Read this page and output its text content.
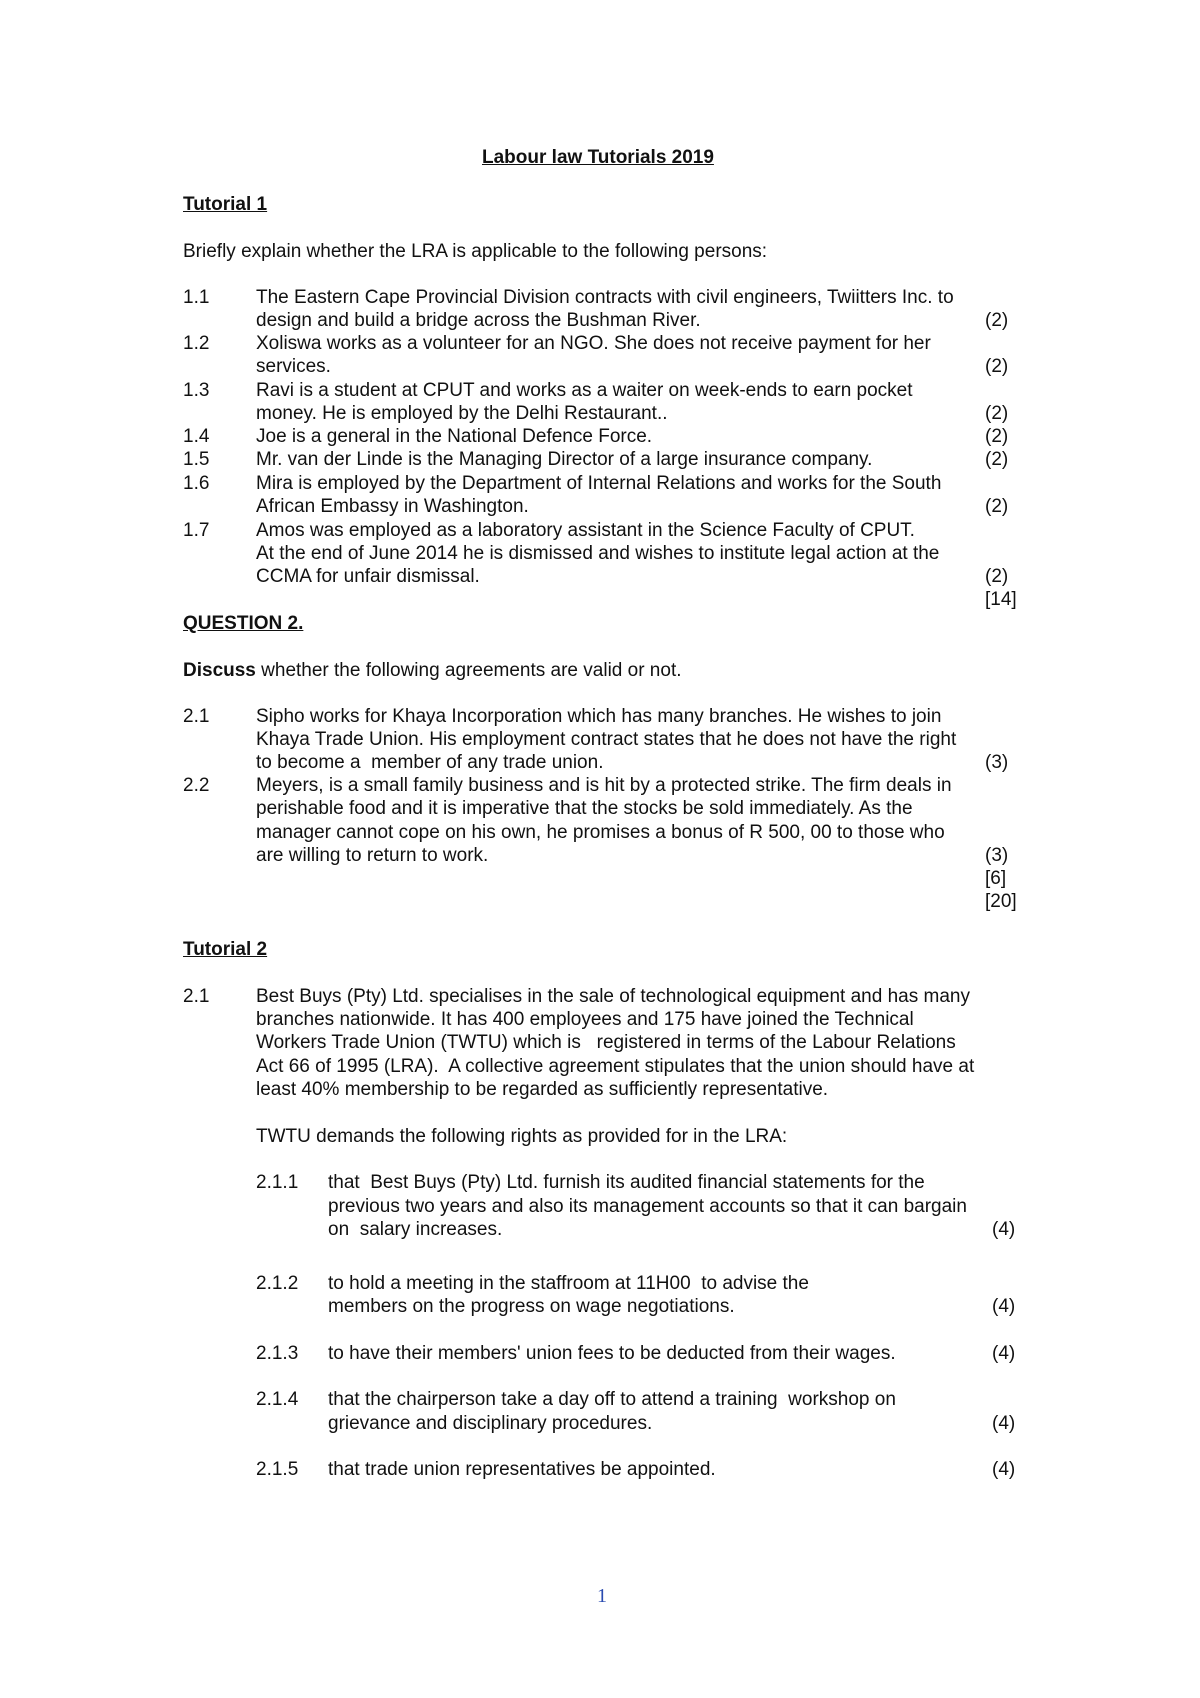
Labour law Tutorials 2019
Tutorial 1
Briefly explain whether the LRA is applicable to the following persons:
1.1 The Eastern Cape Provincial Division contracts with civil engineers, Twiitters Inc. to
design and build a bridge across the Bushman River.	(2)
1.2 Xoliswa works as a volunteer for an NGO. She does not receive payment for her
services.	(2)
1.3 Ravi is a student at CPUT and works as a waiter on week-ends to earn pocket
money. He is employed by the Delhi Restaurant..	(2)
1.4 Joe is a general in the National Defence Force.	(2)
1.5 Mr. van der Linde is the Managing Director of a large insurance company.	(2)
1.6 Mira is employed by the Department of Internal Relations and works for the South
African Embassy in Washington.	(2)
1.7 Amos was employed as a laboratory assistant in the Science Faculty of CPUT.
At the end of June 2014 he is dismissed and wishes to institute legal action at the
CCMA for unfair dismissal.	(2)
[14]
QUESTION 2.
Discuss whether the following agreements are valid or not.
2.1 Sipho works for Khaya Incorporation which has many branches. He wishes to join
Khaya Trade Union. His employment contract states that he does not have the right
to become a  member of any trade union.	(3)
2.2 Meyers, is a small family business and is hit by a protected strike. The firm deals in
perishable food and it is imperative that the stocks be sold immediately. As the
manager cannot cope on his own, he promises a bonus of R 500, 00 to those who
are willing to return to work.	(3)
[6]
[20]
Tutorial 2
2.1 Best Buys (Pty) Ltd. specialises in the sale of technological equipment and has many
branches nationwide. It has 400 employees and 175 have joined the Technical
Workers Trade Union (TWTU) which is   registered in terms of the Labour Relations
Act 66 of 1995 (LRA).  A collective agreement stipulates that the union should have at
least 40% membership to be regarded as sufficiently representative.
TWTU demands the following rights as provided for in the LRA:
2.1.1 that  Best Buys (Pty) Ltd. furnish its audited financial statements for the
previous two years and also its management accounts so that it can bargain
on  salary increases.	(4)
2.1.2 to hold a meeting in the staffroom at 11H00  to advise the
members on the progress on wage negotiations.	(4)
2.1.3 to have their members' union fees to be deducted from their wages.	(4)
2.1.4 that the chairperson take a day off to attend a training  workshop on
grievance and disciplinary procedures.	(4)
2.1.5 that trade union representatives be appointed.	(4)
1
